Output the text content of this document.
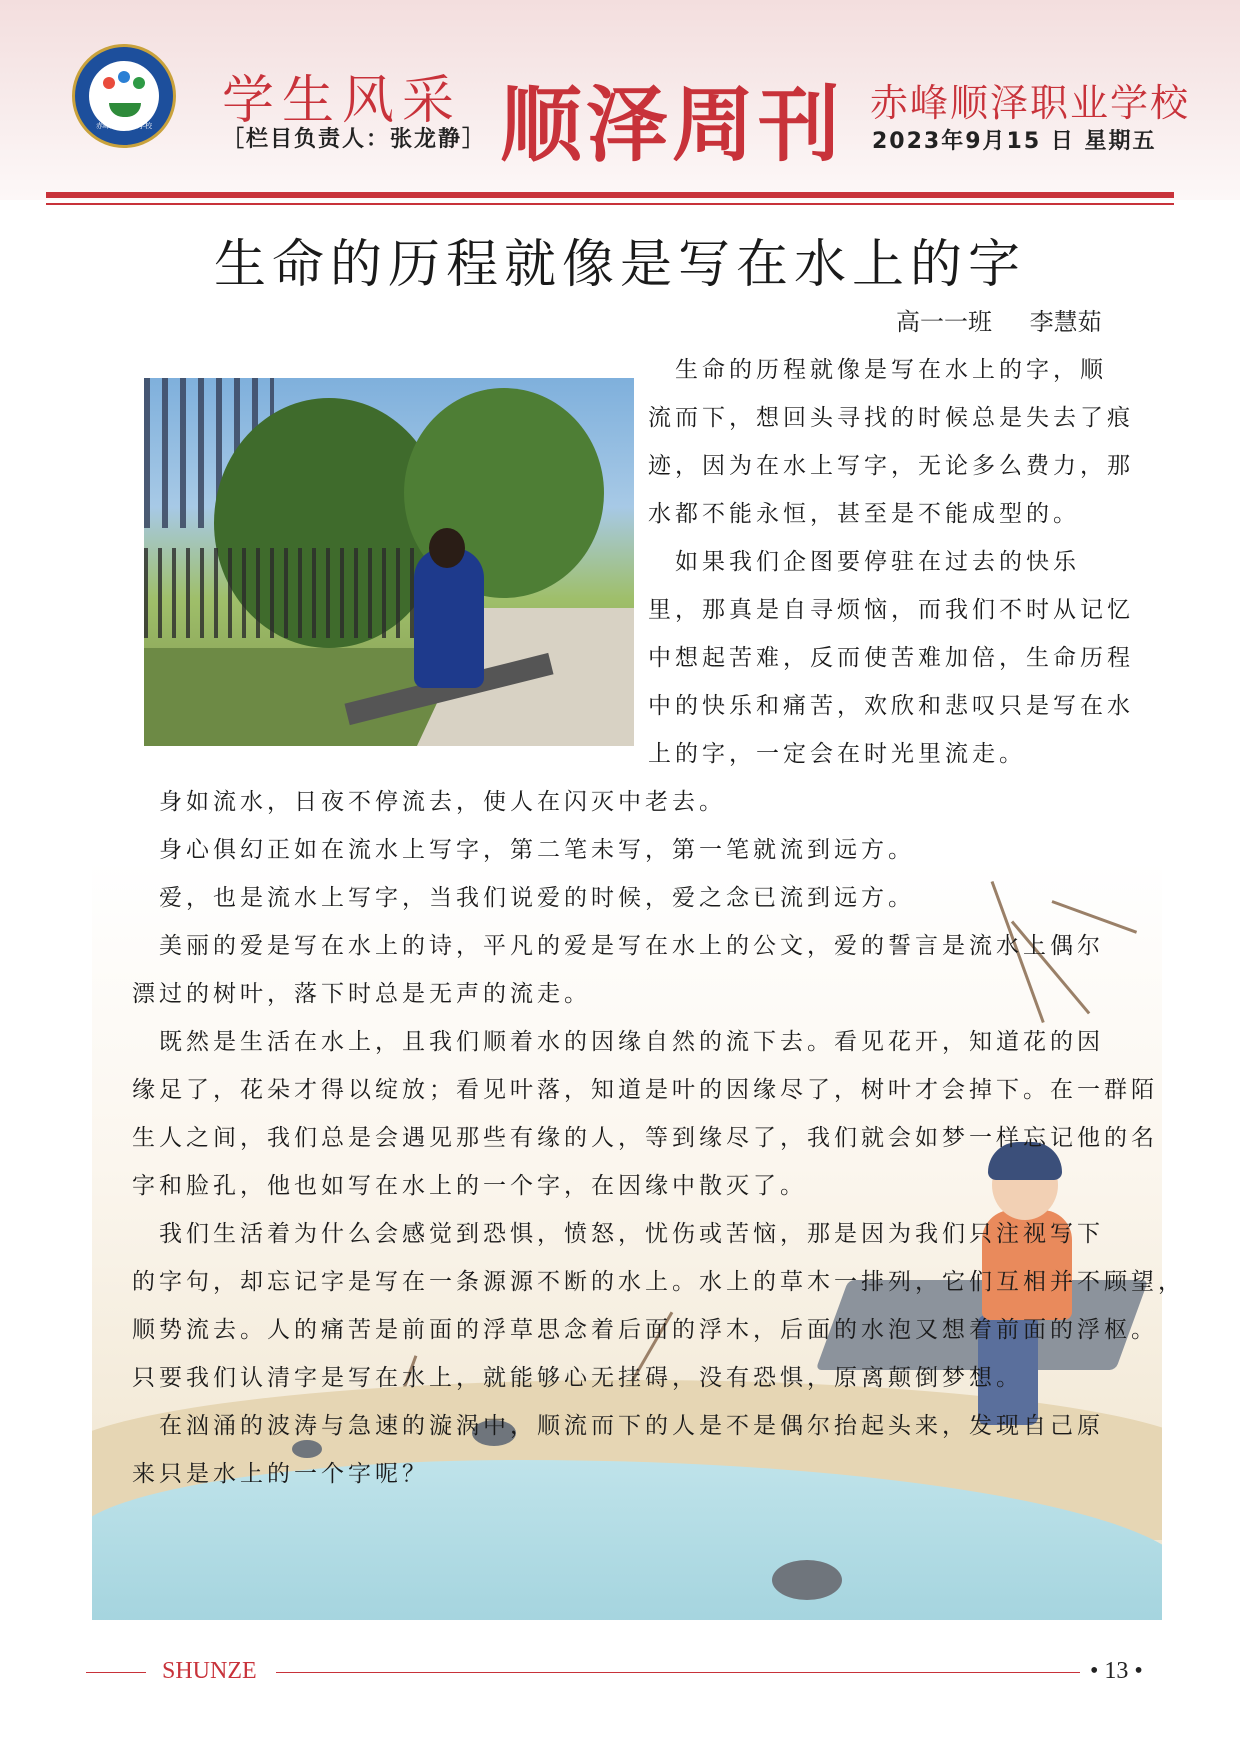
赤峰顺泽职业学校	学生风采
［栏目负责人：张龙静］ 顺泽周刊 赤峰顺泽职业学校
2023年9月15 日 星期五
生命的历程就像是写在水上的字
高一一班 李慧茹
　生命的历程就像是写在水上的字，顺
流而下，想回头寻找的时候总是失去了痕
迹，因为在水上写字，无论多么费力，那
水都不能永恒，甚至是不能成型的。
　如果我们企图要停驻在过去的快乐
里，那真是自寻烦恼，而我们不时从记忆
中想起苦难，反而使苦难加倍，生命历程
中的快乐和痛苦，欢欣和悲叹只是写在水
上的字，一定会在时光里流走。
　身如流水，日夜不停流去，使人在闪灭中老去。
　身心俱幻正如在流水上写字，第二笔未写，第一笔就流到远方。
　爱，也是流水上写字，当我们说爱的时候，爱之念已流到远方。
　美丽的爱是写在水上的诗，平凡的爱是写在水上的公文，爱的誓言是流水上偶尔
漂过的树叶，落下时总是无声的流走。
　既然是生活在水上，且我们顺着水的因缘自然的流下去。看见花开，知道花的因
缘足了，花朵才得以绽放；看见叶落，知道是叶的因缘尽了，树叶才会掉下。在一群陌
生人之间，我们总是会遇见那些有缘的人，等到缘尽了，我们就会如梦一样忘记他的名
字和脸孔，他也如写在水上的一个字，在因缘中散灭了。
　我们生活着为什么会感觉到恐惧，愤怒，忧伤或苦恼，那是因为我们只注视写下
的字句，却忘记字是写在一条源源不断的水上。水上的草木一排列，它们互相并不顾望，
顺势流去。人的痛苦是前面的浮草思念着后面的浮木，后面的水泡又想着前面的浮枢。
只要我们认清字是写在水上，就能够心无挂碍，没有恐惧，原离颠倒梦想。
　在汹涌的波涛与急速的漩涡中，顺流而下的人是不是偶尔抬起头来，发现自己原
来只是水上的一个字呢？
SHUNZE	• 13 •
